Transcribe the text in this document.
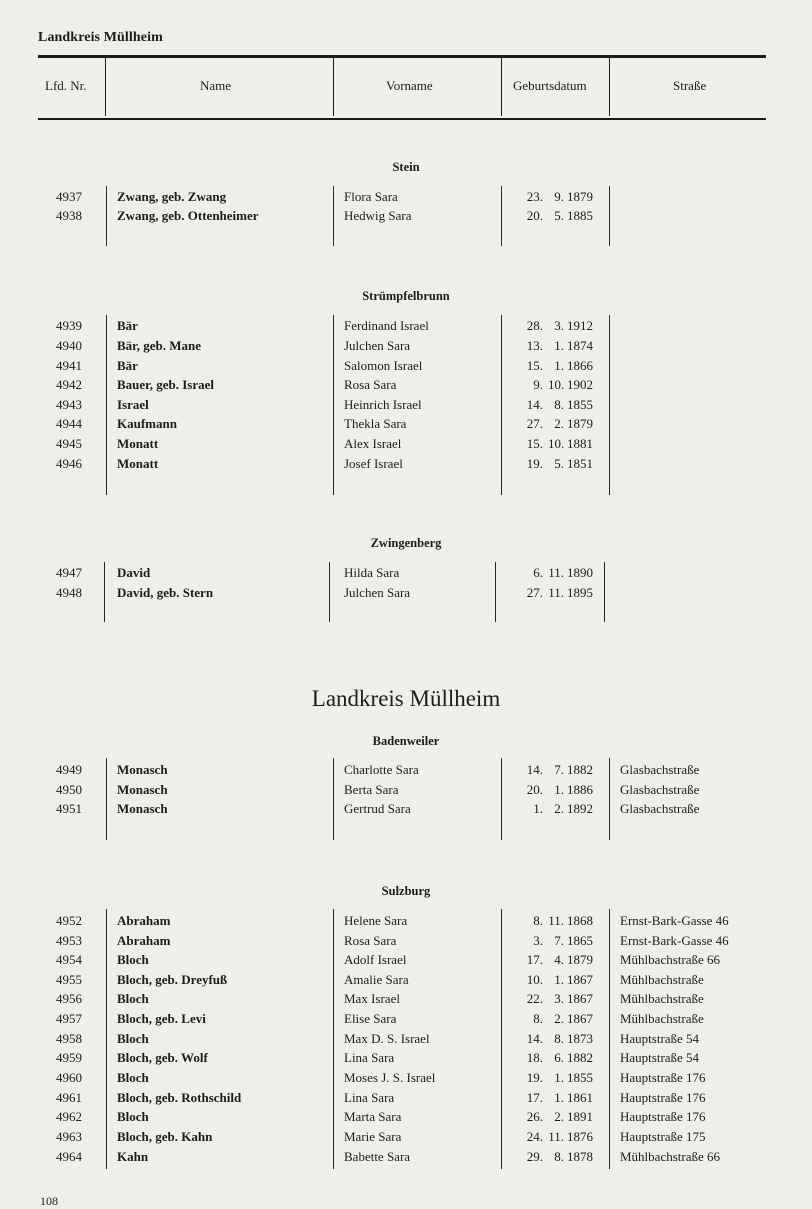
Landkreis Müllheim
Lfd. Nr.	Name	Vorname	Geburtsdatum	Straße
Stein
4937	Zwang, geb. Zwang	Flora Sara	23. 9. 1879
4938	Zwang, geb. Ottenheimer	Hedwig Sara	20. 5. 1885
Strümpfelbrunn
4939	Bär	Ferdinand Israel	28. 3. 1912
4940	Bär, geb. Mane	Julchen Sara	13. 1. 1874
4941	Bär	Salomon Israel	15. 1. 1866
4942	Bauer, geb. Israel	Rosa Sara	9. 10. 1902
4943	Israel	Heinrich Israel	14. 8. 1855
4944	Kaufmann	Thekla Sara	27. 2. 1879
4945	Monatt	Alex Israel	15. 10. 1881
4946	Monatt	Josef Israel	19. 5. 1851
Zwingenberg
4947	David	Hilda Sara	6. 11. 1890
4948	David, geb. Stern	Julchen Sara	27. 11. 1895
Landkreis Müllheim
Badenweiler
4949	Monasch	Charlotte Sara	14. 7. 1882 Glasbachstraße
4950	Monasch	Berta Sara	20. 1. 1886 Glasbachstraße
4951	Monasch	Gertrud Sara	1. 2. 1892 Glasbachstraße
Sulzburg
4952	Abraham	Helene Sara	8. 11. 1868 Ernst-Bark-Gasse 46
4953	Abraham	Rosa Sara	3. 7. 1865 Ernst-Bark-Gasse 46
4954	Bloch	Adolf Israel	17. 4. 1879 Mühlbachstraße 66
4955	Bloch, geb. Dreyfuß	Amalie Sara	10. 1. 1867 Mühlbachstraße
4956	Bloch	Max Israel	22. 3. 1867 Mühlbachstraße
4957	Bloch, geb. Levi	Elise Sara	8. 2. 1867 Mühlbachstraße
4958	Bloch	Max D. S. Israel	14. 8. 1873 Hauptstraße 54
4959	Bloch, geb. Wolf	Lina Sara	18. 6. 1882 Hauptstraße 54
4960	Bloch	Moses J. S. Israel	19. 1. 1855 Hauptstraße 176
4961	Bloch, geb. Rothschild	Lina Sara	17. 1. 1861 Hauptstraße 176
4962	Bloch	Marta Sara	26. 2. 1891 Hauptstraße 176
4963	Bloch, geb. Kahn	Marie Sara	24. 11. 1876 Hauptstraße 175
4964	Kahn	Babette Sara	29. 8. 1878 Mühlbachstraße 66
108
